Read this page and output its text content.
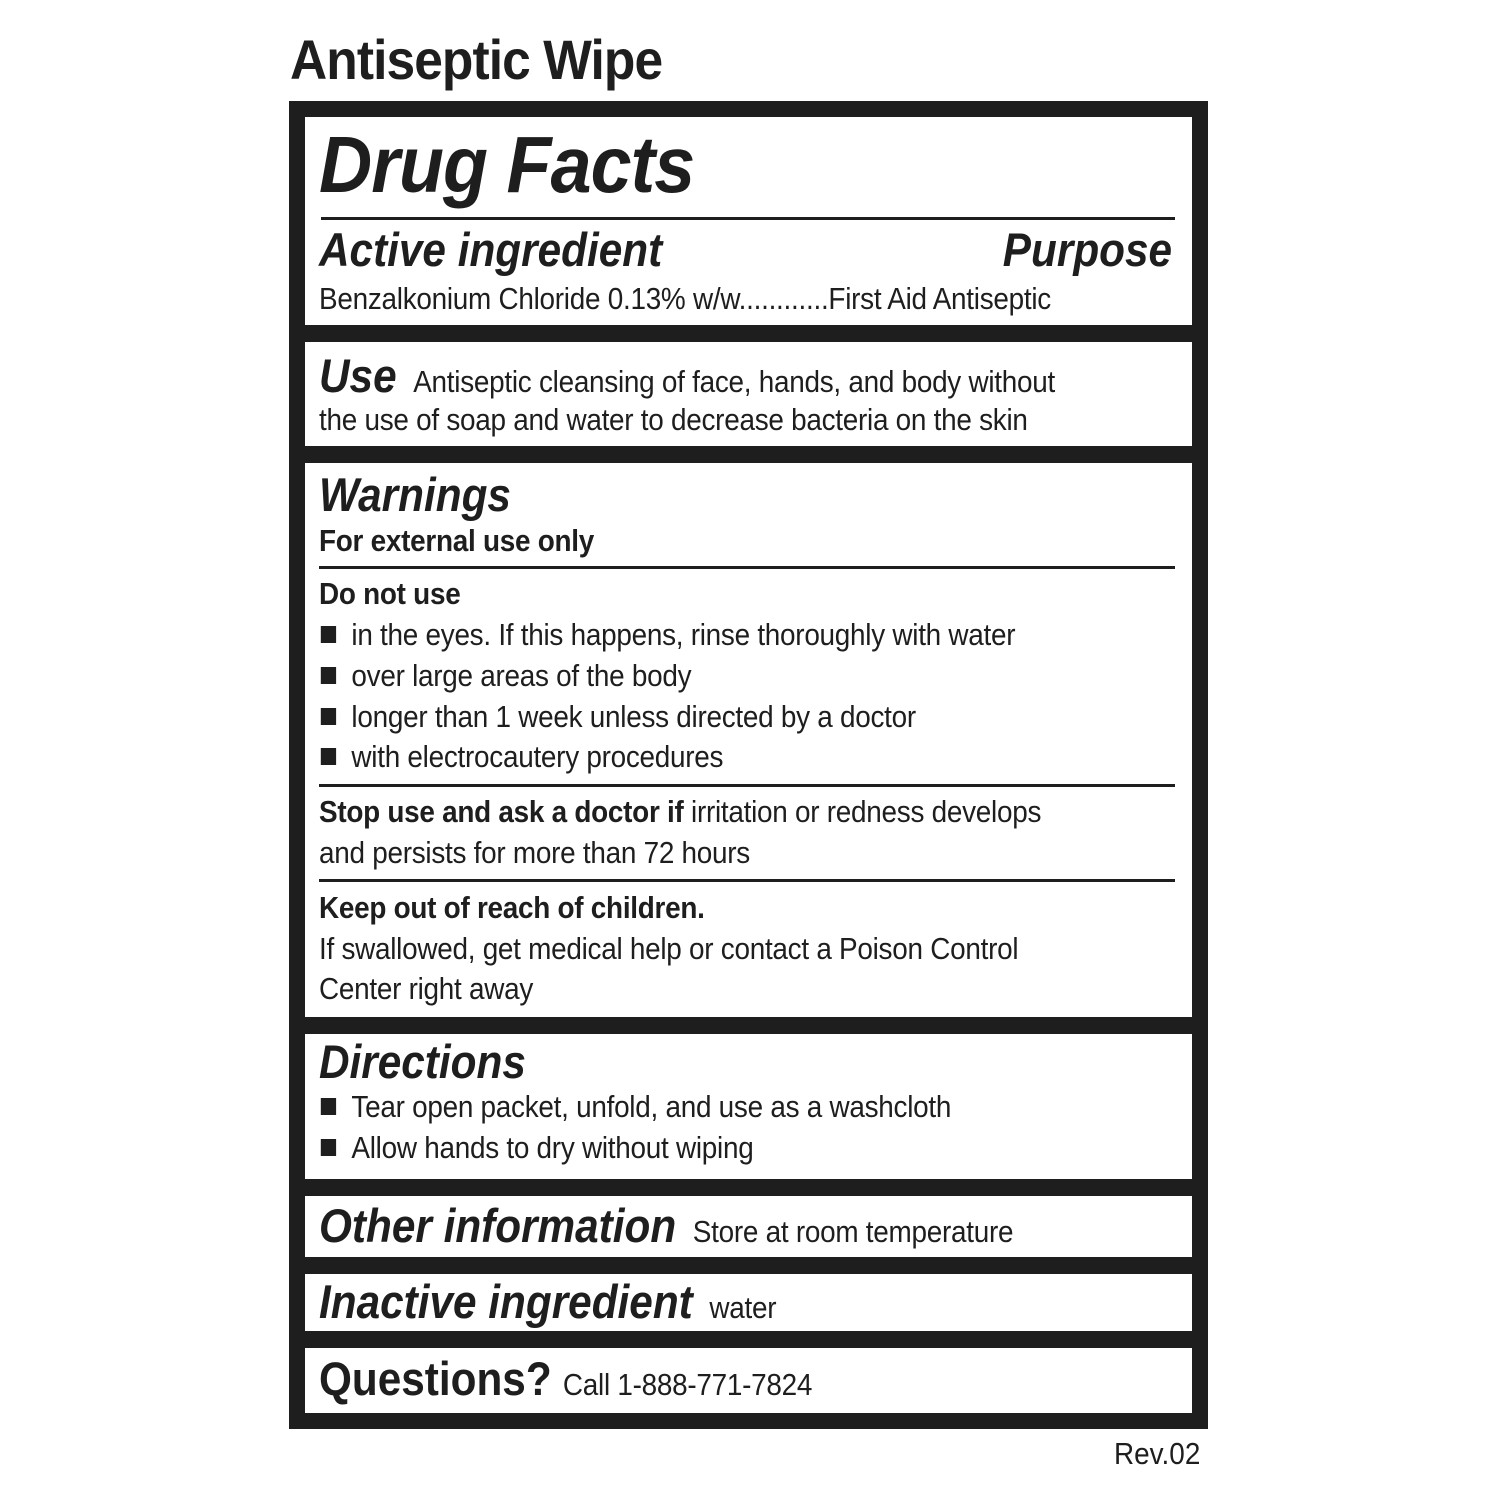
Antiseptic Wipe
Drug Facts
Active ingredient	Purpose
Benzalkonium Chloride 0.13% w/w............First Aid Antiseptic
Use Antiseptic cleansing of face, hands, and body without
the use of soap and water to decrease bacteria on the skin
Warnings
For external use only
Do not use
in the eyes. If this happens, rinse thoroughly with water
over large areas of the body
longer than 1 week unless directed by a doctor
with electrocautery procedures
Stop use and ask a doctor if irritation or redness develops
and persists for more than 72 hours
Keep out of reach of children.
If swallowed, get medical help or contact a Poison Control
Center right away
Directions
Tear open packet, unfold, and use as a washcloth
Allow hands to dry without wiping
Other information Store at room temperature
Inactive ingredient water
Questions? Call 1-888-771-7824
Rev.02
